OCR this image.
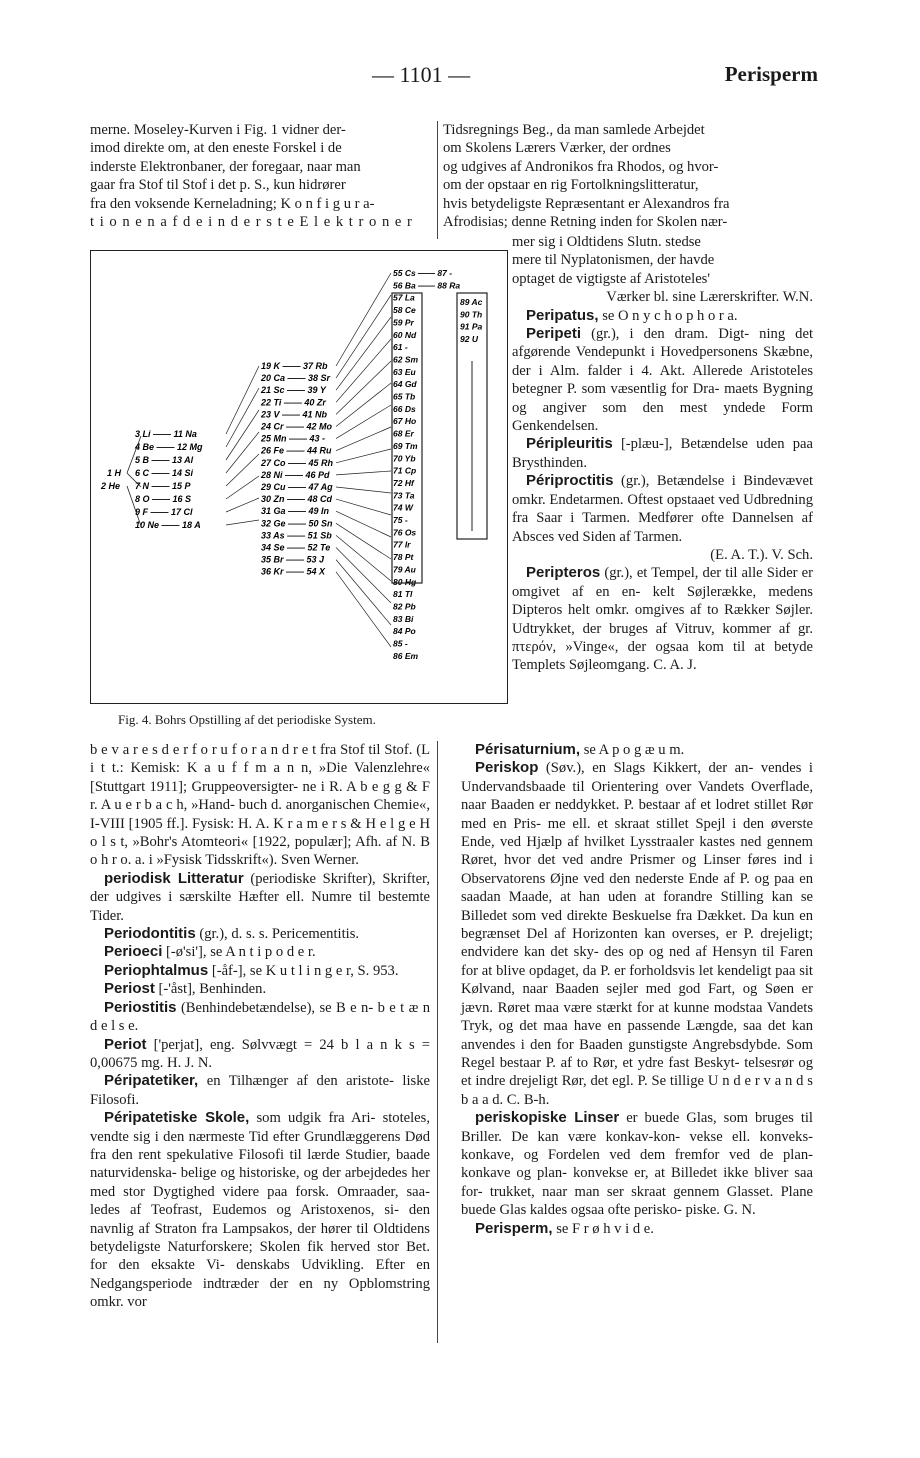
— 1101 —	Perisperm

merne. Moseley-Kurven i Fig. 1 vidner der-

imod direkte om, at den eneste Forskel i de

inderste Elektronbaner, der foregaar, naar man

gaar fra Stof til Stof i det p. S., kun hidrører

fra den voksende Kerneladning; K o n f i g u r a-

t i o n e n a f d e i n d e r s t e E l e k t r o n e r

Tidsregnings Beg., da man samlede Arbejdet

om Skolens Lærers Værker, der ordnes

og udgives af Andronikos fra Rhodos, og hvor-

om der opstaar en rig Fortolkningslitteratur,

hvis betydeligste Repræsentant er Alexandros fra

Afrodisias; denne Retning inden for Skolen nær-

mer sig i Oldtidens Slutn. stedse

mere til Nyplatonismen, der havde

optaget de vigtigste af Aristoteles'

Værker bl. sine Lærerskrifter. W.N.

Peripatus, se O n y c h o p h o r a.

Peripeti (gr.), i den dram. Digt- ning det afgørende Vendepunkt i Hovedpersonens Skæbne, der i Alm. falder i 4. Akt. Allerede Aristoteles betegner P. som væsentlig for Dra- maets Bygning og angiver som den mest yndede Form Genkendelsen.

Péripleuritis [-plæu-], Betændelse uden paa Brysthinden.

Périproctitis (gr.), Betændelse i Bindevævet omkr. Endetarmen. Oftest opstaaet ved Udbredning fra Saar i Tarmen. Medfører ofte Dannelsen af Absces ved Siden af Tarmen.

(E. A. T.). V. Sch.

Peripteros (gr.), et Tempel, der til alle Sider er omgivet af en en- kelt Søjlerække, medens Dipteros helt omkr. omgives af to Rækker Søjler. Udtrykket, der bruges af Vitruv, kommer af gr. πτερόν, »Vinge«, der ogsaa kom til at betyde Templets Søjleomgang. C. A. J.

1 H
2 He
3 Li —— 11 Na
4 Be —— 12 Mg
5 B —— 13 Al
6 C —— 14 Si
7 N —— 15 P
8 O —— 16 S
9 F —— 17 Cl
10 Ne —— 18 A
19 K —— 37 Rb
20 Ca —— 38 Sr
21 Sc —— 39 Y
22 Ti —— 40 Zr
23 V —— 41 Nb
24 Cr —— 42 Mo
25 Mn —— 43 -
26 Fe —— 44 Ru
27 Co —— 45 Rh
28 Ni —— 46 Pd
29 Cu —— 47 Ag
30 Zn —— 48 Cd
31 Ga —— 49 In
32 Ge —— 50 Sn
33 As —— 51 Sb
34 Se —— 52 Te
35 Br —— 53 J
36 Kr —— 54 X
55 Cs —— 87 -
56 Ba —— 88 Ra
57 La
58 Ce
59 Pr
60 Nd
61 -
62 Sm
63 Eu
64 Gd
65 Tb
66 Ds
67 Ho
68 Er
69 Tm
70 Yb
71 Cp
72 Hf
73 Ta
74 W
75 -
76 Os
77 Ir
78 Pt
79 Au
80 Hg
81 Tl
82 Pb
83 Bi
84 Po
85 -
86 Em
89 Ac
90 Th
91 Pa
92 U
Fig. 4. Bohrs Opstilling af det periodiske System.

b e v a r e s d e r f o r u f o r a n d r e t fra Stof til Stof. (L i t t.: Kemisk: K a u f f m a n n, »Die Valenzlehre« [Stuttgart 1911]; Gruppeoversigter- ne i R. A b e g g & F r. A u e r b a c h, »Hand- buch d. anorganischen Chemie«, I-VIII [1905 ff.]. Fysisk: H. A. K r a m e r s & H e l g e H o l s t, »Bohr's Atomteori« [1922, populær]; Afh. af N. B o h r o. a. i »Fysisk Tidsskrift«). Sven Werner.

periodisk Litteratur (periodiske Skrifter), Skrifter, der udgives i særskilte Hæfter ell. Numre til bestemte Tider.

Periodontitis (gr.), d. s. s. Pericementitis.

Perioeci [-ø'si'], se A n t i p o d e r.

Periophtalmus [-åf-], se K u t l i n g e r, S. 953.

Periost [-'åst], Benhinden.

Periostitis (Benhindebetændelse), se B e n- b e t æ n d e l s e.

Periot ['perjat], eng. Sølvvægt = 24 b l a n k s = 0,00675 mg. H. J. N.

Péripatetiker, en Tilhænger af den aristote- liske Filosofi.

Péripatetiske Skole, som udgik fra Ari- stoteles, vendte sig i den nærmeste Tid efter Grundlæggerens Død fra den rent spekulative Filosofi til lærde Studier, baade naturvidenska- belige og historiske, og der arbejdedes her med stor Dygtighed videre paa forsk. Omraader, saa- ledes af Teofrast, Eudemos og Aristoxenos, si- den navnlig af Straton fra Lampsakos, der hører til Oldtidens betydeligste Naturforskere; Skolen fik herved stor Bet. for den eksakte Vi- denskabs Udvikling. Efter en Nedgangsperiode indtræder der en ny Opblomstring omkr. vor

Périsaturnium, se A p o g æ u m.

Periskop (Søv.), en Slags Kikkert, der an- vendes i Undervandsbaade til Orientering over Vandets Overflade, naar Baaden er neddykket. P. bestaar af et lodret stillet Rør med en Pris- me ell. et skraat stillet Spejl i den øverste Ende, ved Hjælp af hvilket Lysstraaler kastes ned gennem Røret, hvor det ved andre Prismer og Linser føres ind i Observatorens Øjne ved den nederste Ende af P. og paa en saadan Maade, at han uden at forandre Stilling kan se Billedet som ved direkte Beskuelse fra Dækket. Da kun en begrænset Del af Horizonten kan overses, er P. drejeligt; endvidere kan det sky- des op og ned af Hensyn til Faren for at blive opdaget, da P. er forholdsvis let kendeligt paa sit Kølvand, naar Baaden sejler med god Fart, og Søen er jævn. Røret maa være stærkt for at kunne modstaa Vandets Tryk, og det maa have en passende Længde, saa det kan anvendes i den for Baaden gunstigste Angrebsdybde. Som Regel bestaar P. af to Rør, et ydre fast Beskyt- telsesrør og et indre drejeligt Rør, det egl. P. Se tillige U n d e r v a n d s b a a d. C. B-h.

periskopiske Linser er buede Glas, som bruges til Briller. De kan være konkav-kon- vekse ell. konveks-konkave, og Fordelen ved dem fremfor ved de plan-konkave og plan- konvekse er, at Billedet ikke bliver saa for- trukket, naar man ser skraat gennem Glasset. Plane buede Glas kaldes ogsaa ofte perisko- piske. G. N.

Perisperm, se F r ø h v i d e.
